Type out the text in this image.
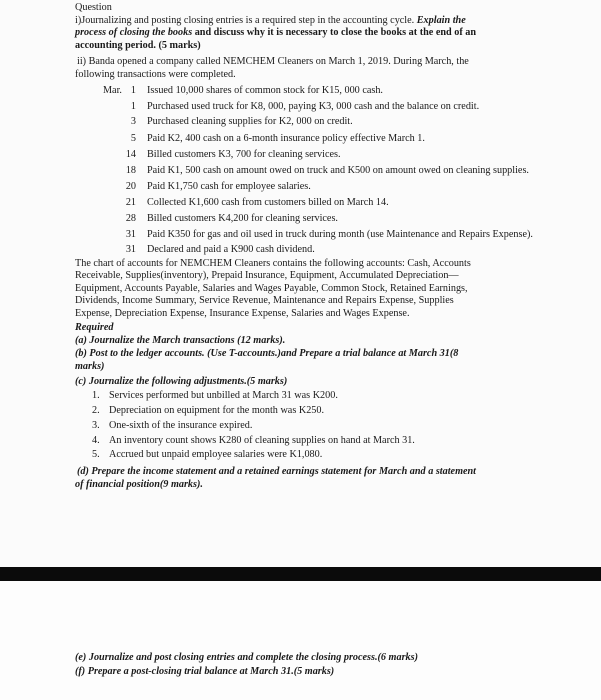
Question
i)Journalizing and posting closing entries is a required step in the accounting cycle. Explain the
process of closing the books and discuss why it is necessary to close the books at the end of an
accounting period. (5 marks)
ii) Banda opened a company called NEMCHEM Cleaners on March 1, 2019. During March, the
following transactions were completed.
Mar. 1 Issued 10,000 shares of common stock for K15, 000 cash.
1 Purchased used truck for K8, 000, paying K3, 000 cash and the balance on credit.
3 Purchased cleaning supplies for K2, 000 on credit.
5 Paid K2, 400 cash on a 6-month insurance policy effective March 1.
14 Billed customers K3, 700 for cleaning services.
18 Paid K1, 500 cash on amount owed on truck and K500 on amount owed on cleaning supplies.
20 Paid K1,750 cash for employee salaries.
21 Collected K1,600 cash from customers billed on March 14.
28 Billed customers K4,200 for cleaning services.
31 Paid K350 for gas and oil used in truck during month (use Maintenance and Repairs Expense).
31 Declared and paid a K900 cash dividend.
The chart of accounts for NEMCHEM Cleaners contains the following accounts: Cash, Accounts
Receivable, Supplies(inventory), Prepaid Insurance, Equipment, Accumulated Depreciation—
Equipment, Accounts Payable, Salaries and Wages Payable, Common Stock, Retained Earnings,
Dividends, Income Summary, Service Revenue, Maintenance and Repairs Expense, Supplies
Expense, Depreciation Expense, Insurance Expense, Salaries and Wages Expense.
Required
(a) Journalize the March transactions (12 marks).
(b) Post to the ledger accounts. (Use T-accounts.)and Prepare a trial balance at March 31(8
marks)
(c) Journalize the following adjustments.(5 marks)
1. Services performed but unbilled at March 31 was K200.
2. Depreciation on equipment for the month was K250.
3. One-sixth of the insurance expired.
4. An inventory count shows K280 of cleaning supplies on hand at March 31.
5. Accrued but unpaid employee salaries were K1,080.
(d) Prepare the income statement and a retained earnings statement for March and a statement
of financial position(9 marks).
(e) Journalize and post closing entries and complete the closing process.(6 marks)
(f) Prepare a post-closing trial balance at March 31.(5 marks)
